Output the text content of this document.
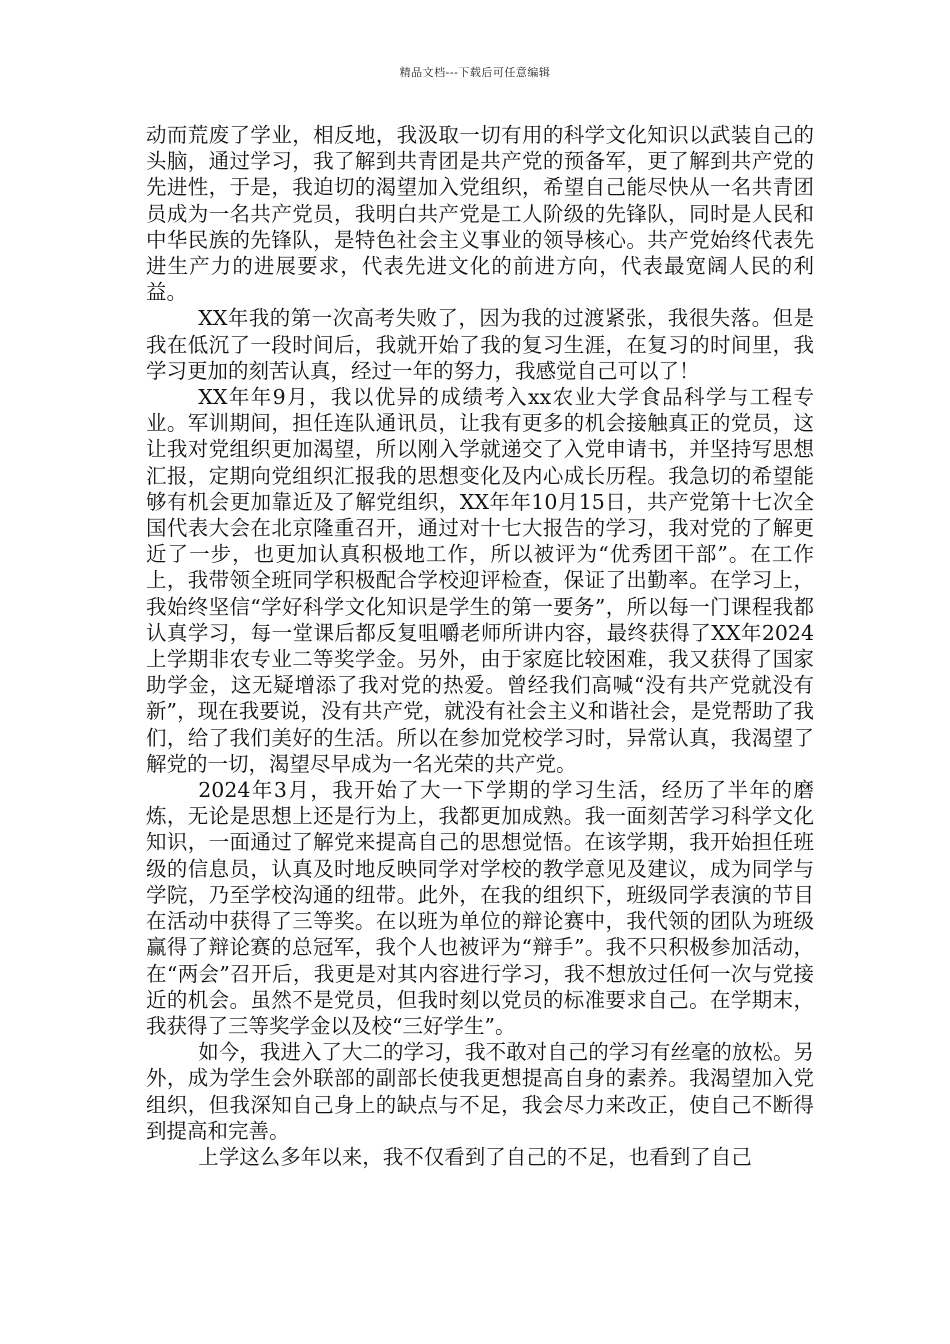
精品文档---下载后可任意编辑

动而荒废了学业，相反地，我汲取一切有用的科学文化知识以武装自己的头脑，通过学习，我了解到共青团是共产党的预备军，更了解到共产党的先进性，于是，我迫切的渴望加入党组织，希望自己能尽快从一名共青团员成为一名共产党员，我明白共产党是工人阶级的先锋队，同时是人民和中华民族的先锋队，是特色社会主义事业的领导核心。共产党始终代表先进生产力的进展要求，代表先进文化的前进方向，代表最宽阔人民的利益。

XX年我的第一次高考失败了，因为我的过渡紧张，我很失落。但是我在低沉了一段时间后，我就开始了我的复习生涯，在复习的时间里，我学习更加的刻苦认真，经过一年的努力，我感觉自己可以了！

XX年年9月，我以优异的成绩考入xx农业大学食品科学与工程专业。军训期间，担任连队通讯员，让我有更多的机会接触真正的党员，这让我对党组织更加渴望，所以刚入学就递交了入党申请书，并坚持写思想汇报，定期向党组织汇报我的思想变化及内心成长历程。我急切的希望能够有机会更加靠近及了解党组织，XX年年10月15日，共产党第十七次全国代表大会在北京隆重召开，通过对十七大报告的学习，我对党的了解更近了一步，也更加认真积极地工作，所以被评为“优秀团干部”。在工作上，我带领全班同学积极配合学校迎评检查，保证了出勤率。在学习上，我始终坚信“学好科学文化知识是学生的第一要务”，所以每一门课程我都认真学习，每一堂课后都反复咀嚼老师所讲内容，最终获得了XX年2024上学期非农专业二等奖学金。另外，由于家庭比较困难，我又获得了国家助学金，这无疑增添了我对党的热爱。曾经我们高喊“没有共产党就没有新”，现在我要说，没有共产党，就没有社会主义和谐社会，是党帮助了我们，给了我们美好的生活。所以在参加党校学习时，异常认真，我渴望了解党的一切，渴望尽早成为一名光荣的共产党。

2024年3月，我开始了大一下学期的学习生活，经历了半年的磨炼，无论是思想上还是行为上，我都更加成熟。我一面刻苦学习科学文化知识，一面通过了解党来提高自己的思想觉悟。在该学期，我开始担任班级的信息员，认真及时地反映同学对学校的教学意见及建议，成为同学与学院，乃至学校沟通的纽带。此外，在我的组织下，班级同学表演的节目在活动中获得了三等奖。在以班为单位的辩论赛中，我代领的团队为班级赢得了辩论赛的总冠军，我个人也被评为“辩手”。我不只积极参加活动，在“两会”召开后，我更是对其内容进行学习，我不想放过任何一次与党接近的机会。虽然不是党员，但我时刻以党员的标准要求自己。在学期末，我获得了三等奖学金以及校“三好学生”。

如今，我进入了大二的学习，我不敢对自己的学习有丝毫的放松。另外，成为学生会外联部的副部长使我更想提高自身的素养。我渴望加入党组织，但我深知自己身上的缺点与不足，我会尽力来改正，使自己不断得到提高和完善。

上学这么多年以来，我不仅看到了自己的不足，也看到了自己
